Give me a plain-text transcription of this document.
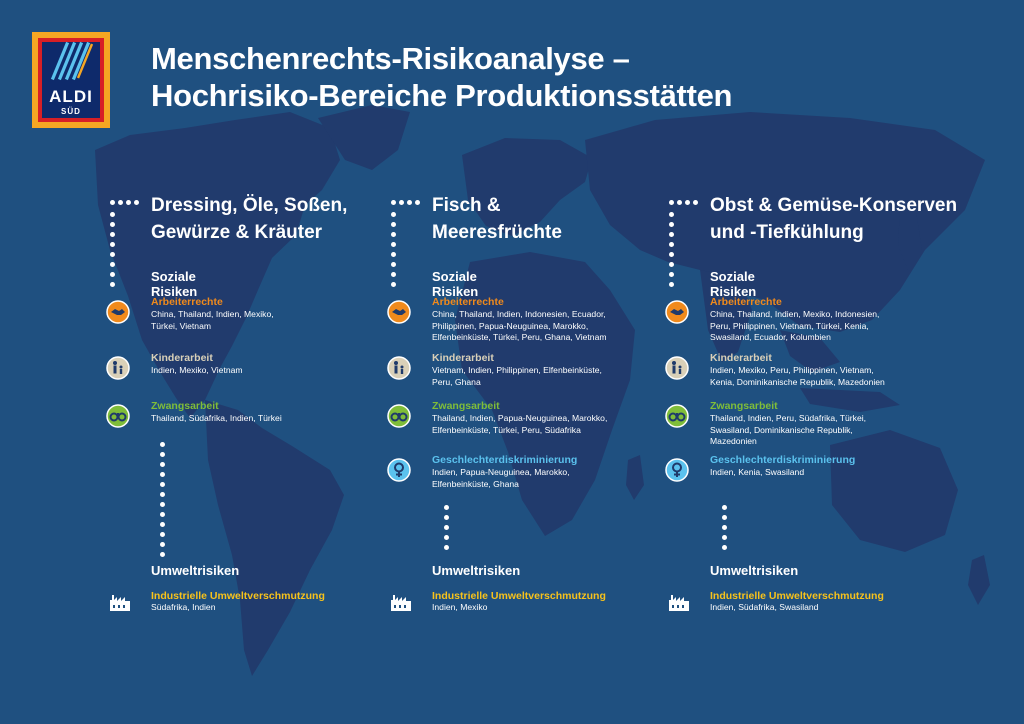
ALDI
SÜD
Menschenrechts-Risikoanalyse –
Hochrisiko-Bereiche Produktionsstätten
Dressing, Öle, Soßen,
Gewürze & Kräuter
Soziale Risiken
Arbeiterrechte
China, Thailand, Indien, Mexiko, Türkei, Vietnam
Kinderarbeit
Indien, Mexiko, Vietnam
Zwangsarbeit
Thailand, Südafrika, Indien, Türkei
Umweltrisiken
Industrielle Umweltverschmutzung
Südafrika, Indien
Fisch &
Meeresfrüchte
Soziale Risiken
Arbeiterrechte
China, Thailand, Indien, Indonesien, Ecuador, Philippinen, Papua-Neuguinea, Marokko, Elfenbeinküste, Türkei, Peru, Ghana, Vietnam
Kinderarbeit
Vietnam, Indien, Philippinen, Elfenbeinküste, Peru, Ghana
Zwangsarbeit
Thailand, Indien, Papua-Neuguinea, Marokko, Elfenbeinküste, Türkei, Peru, Südafrika
Geschlechterdiskriminierung
Indien, Papua-Neuguinea, Marokko, Elfenbeinküste, Ghana
Umweltrisiken
Industrielle Umweltverschmutzung
Indien, Mexiko
Obst & Gemüse-Konserven
und -Tiefkühlung
Soziale Risiken
Arbeiterrechte
China, Thailand, Indien, Mexiko, Indonesien, Peru, Philippinen, Vietnam, Türkei, Kenia, Swasiland, Ecuador, Kolumbien
Kinderarbeit
Indien, Mexiko, Peru, Philippinen, Vietnam, Kenia, Dominikanische Republik, Mazedonien
Zwangsarbeit
Thailand, Indien, Peru, Südafrika, Türkei, Swasiland, Dominikanische Republik, Mazedonien
Geschlechterdiskriminierung
Indien, Kenia, Swasiland
Umweltrisiken
Industrielle Umweltverschmutzung
Indien, Südafrika, Swasiland
